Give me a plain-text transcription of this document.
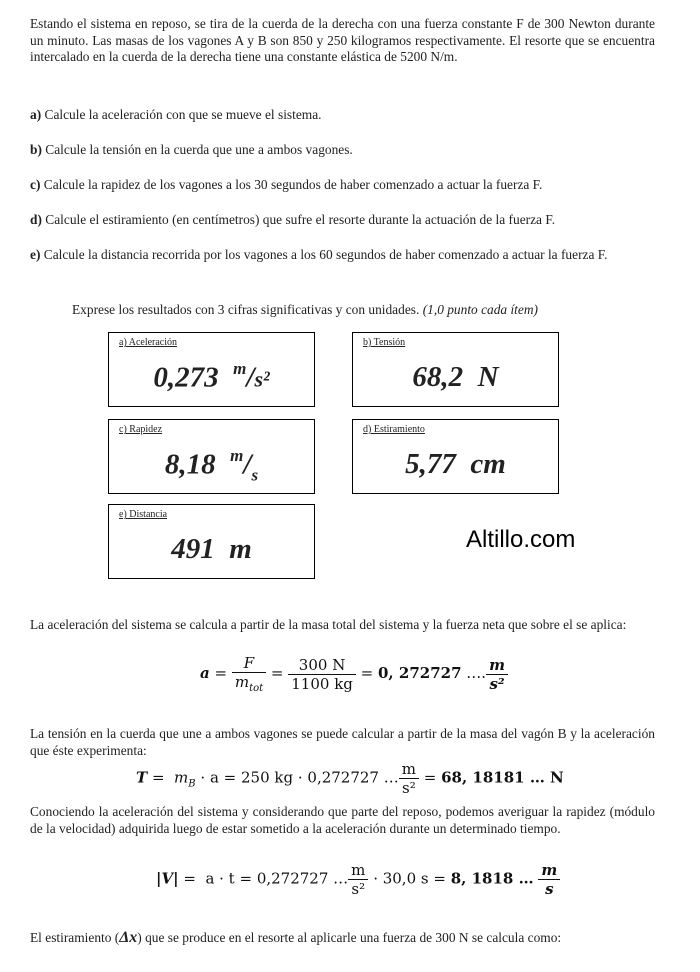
Estando el sistema en reposo, se tira de la cuerda de la derecha con una fuerza constante F de 300 Newton durante un minuto. Las masas de los vagones A y B son 850 y 250 kilogramos respectivamente. El resorte que se encuentra intercalado en la cuerda de la derecha tiene una constante elástica de 5200 N/m.
a) Calcule la aceleración con que se mueve el sistema.
b) Calcule la tensión en la cuerda que une a ambos vagones.
c) Calcule la rapidez de los vagones a los 30 segundos de haber comenzado a actuar la fuerza F.
d) Calcule el estiramiento (en centímetros) que sufre el resorte durante la actuación de la fuerza F.
e) Calcule la distancia recorrida por los vagones a los 60 segundos de haber comenzado a actuar la fuerza F.
Exprese los resultados con 3 cifras significativas y con unidades. (1,0 punto cada ítem)
a) Aceleración
0,273 $^m$/s²
b) Tensión
68,2 N
c) Rapidez
8,18 $^m/_s$
d) Estiramiento
5,77 cm
e) Distancia
491 m	Altillo.com
La aceleración del sistema se calcula a partir de la masa total del sistema y la fuerza neta que sobre el se aplica:
$a = \frac{F}{m_{tot}} = \frac{300 N}{1100 kg} = 0$, 272727 …. $\frac{m}{\text{s²}}$
La tensión en la cuerda que une a ambos vagones se puede calcular a partir de la masa del vagón B y la aceleración que éste experimenta:
$T = m_B \cdot a = 250$ kg · 0,272727 … $\frac{m}{\text{s²}} = 68$, 18181 … N
Conociendo la aceleración del sistema y considerando que parte del reposo, podemos averiguar la rapidez (módulo de la velocidad) adquirida luego de estar sometido a la aceleración durante un determinado tiempo.
|V| =  a · t = 0,272727 … $\frac{m}{\text{s²}} \cdot 30,0$ s = 8, 1818 … $\frac{m}{s}$
El estiramiento (Δx) que se produce en el resorte al aplicarle una fuerza de 300 N se calcula como:
